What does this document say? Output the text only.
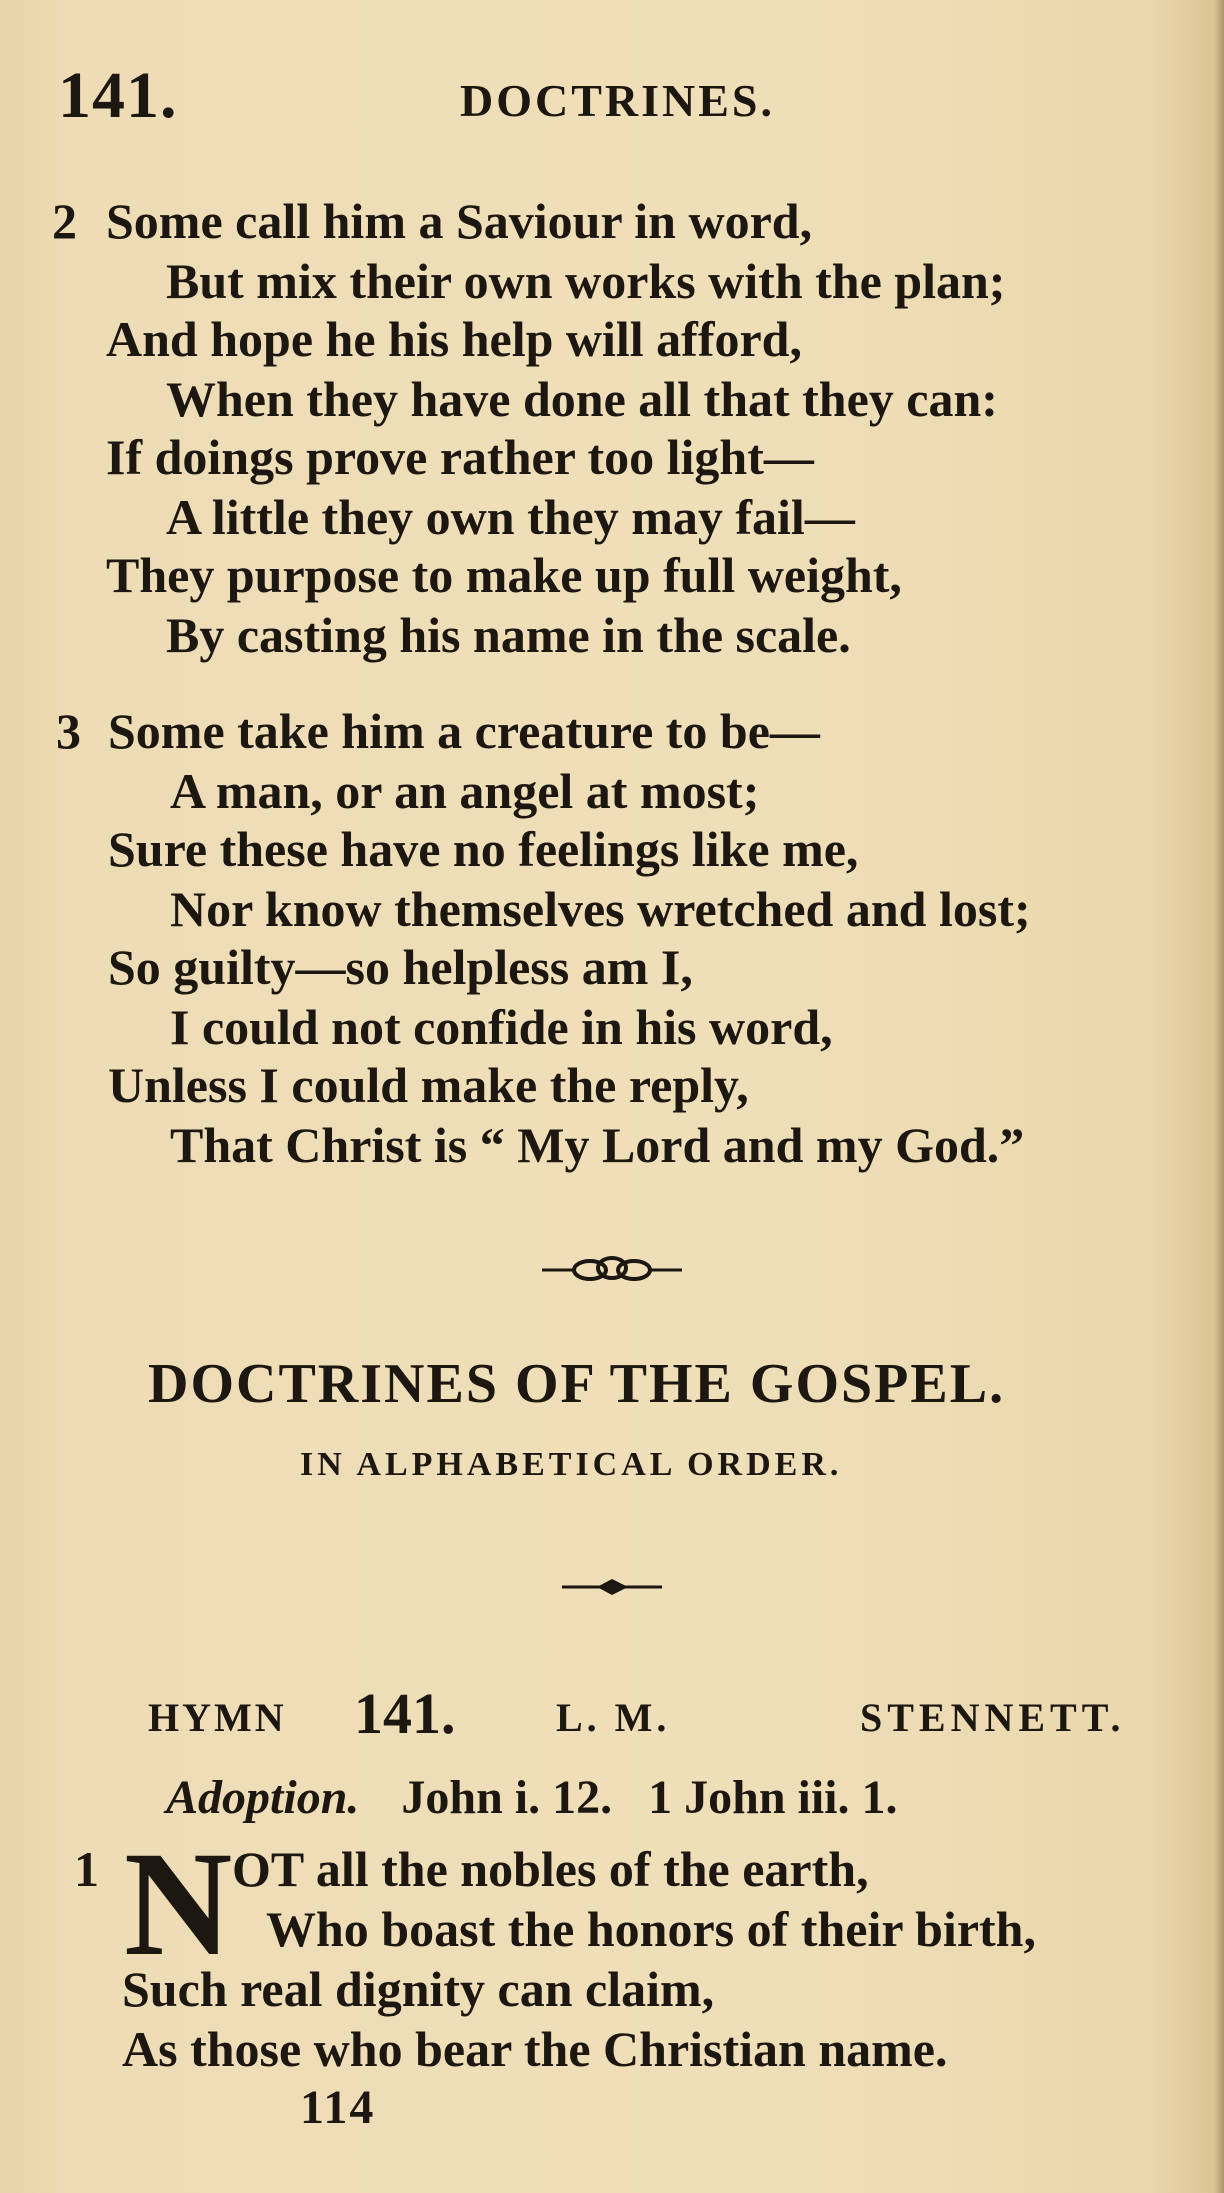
141.	DOCTRINES.
2 Some call him a Saviour in word,
But mix their own works with the plan;
And hope he his help will afford,
When they have done all that they can:
If doings prove rather too light—
A little they own they may fail—
They purpose to make up full weight,
By casting his name in the scale.
3 Some take him a creature to be—
A man, or an angel at most;
Sure these have no feelings like me,
Nor know themselves wretched and lost;
So guilty—so helpless am I,
I could not confide in his word,
Unless I could make the reply,
That Christ is “ My Lord and my God.”
DOCTRINES OF THE GOSPEL.
IN ALPHABETICAL ORDER.
HYMN 141.	L. M.	STENNETT.
Adoption. John i. 12.   1 John iii. 1.
1 N OT all the nobles of the earth,
Who boast the honors of their birth,
Such real dignity can claim,
As those who bear the Christian name.
114
